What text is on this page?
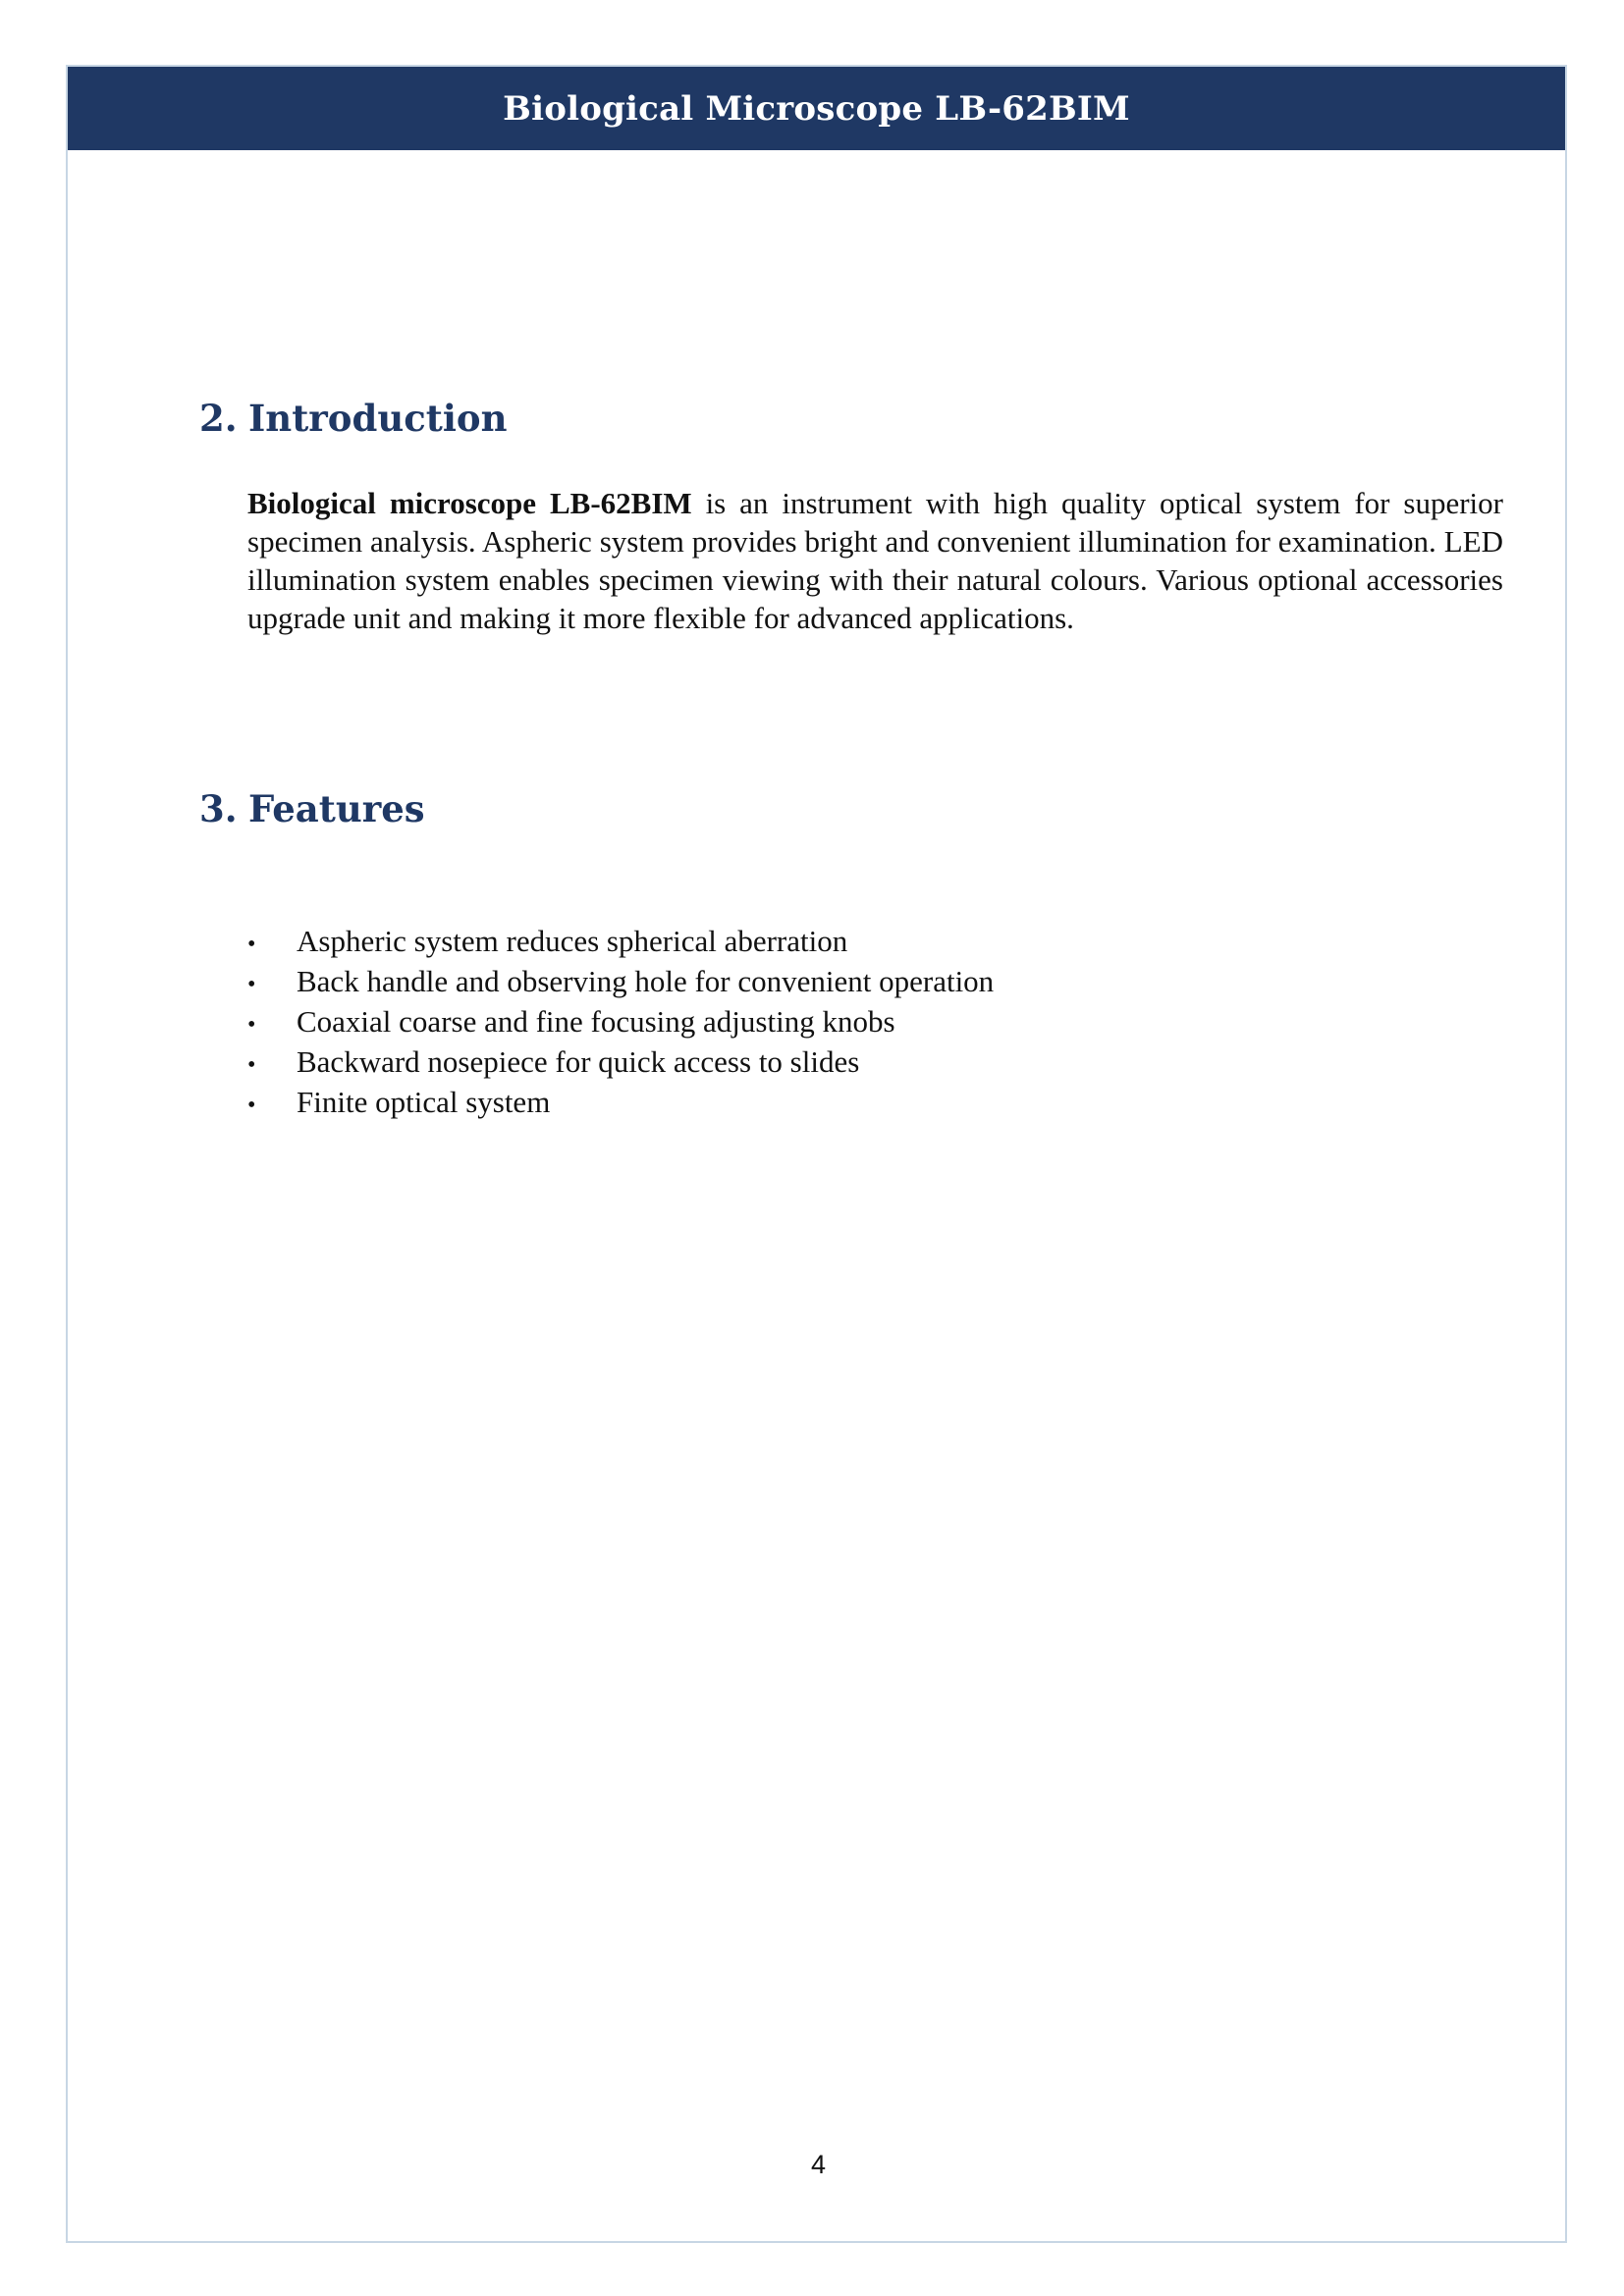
Biological Microscope LB-62BIM
2. Introduction

Biological microscope LB-62BIM is an instrument with high quality optical system for superior specimen analysis. Aspheric system provides bright and convenient illumination for examination. LED illumination system enables specimen viewing with their natural colours. Various optional accessories upgrade unit and making it more flexible for advanced applications.

3. Features
•	Aspheric system reduces spherical aberration
•	Back handle and observing hole for convenient operation
•	Coaxial coarse and fine focusing adjusting knobs
•	Backward nosepiece for quick access to slides
•	Finite optical system
4
